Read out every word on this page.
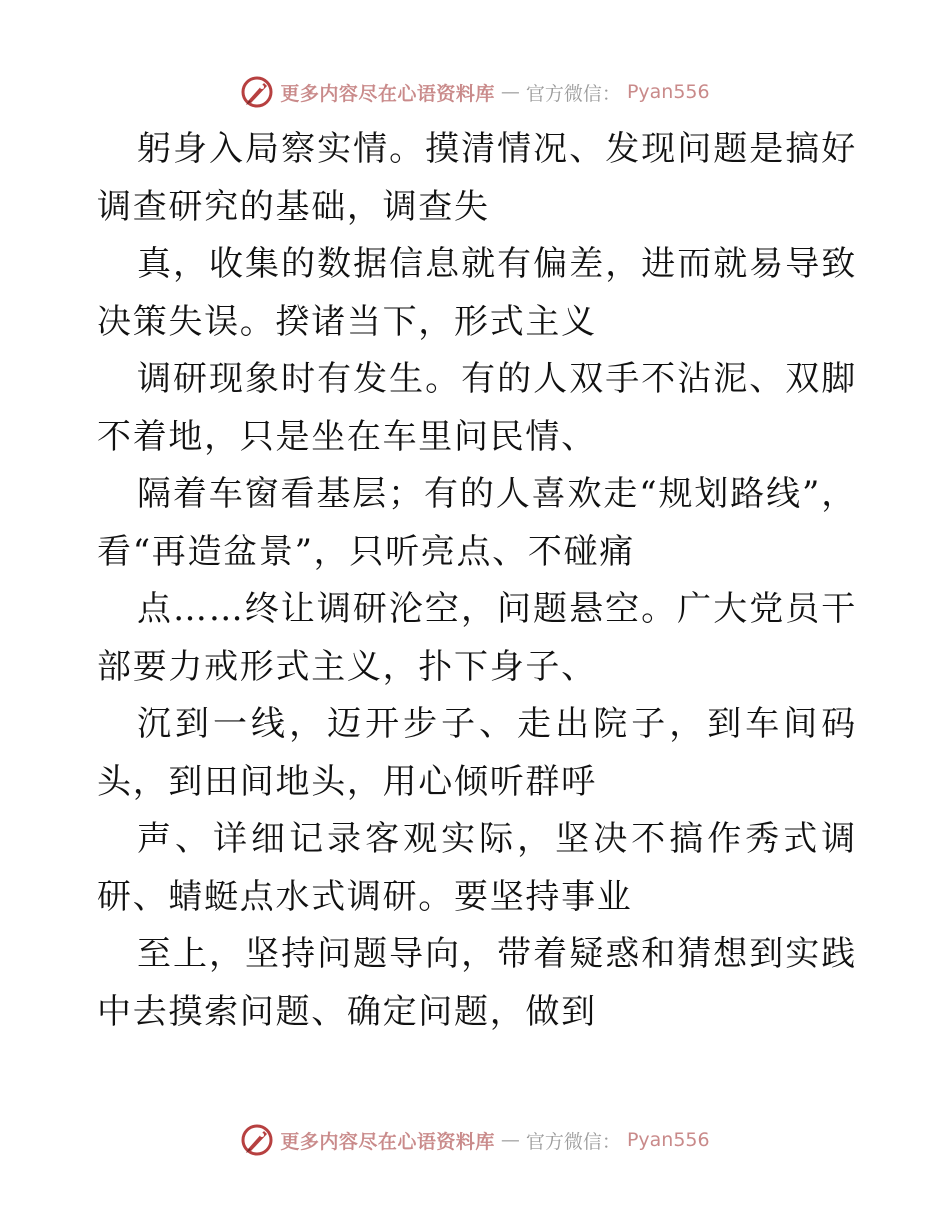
更多内容尽在心语资料库 — 官方微信： Pyan556

躬身入局察实情。摸清情况、发现问题是搞好调查研究的基础，调查失

真，收集的数据信息就有偏差，进而就易导致决策失误。揆诸当下，形式主义

调研现象时有发生。有的人双手不沾泥、双脚不着地，只是坐在车里问民情、

隔着车窗看基层；有的人喜欢走“规划路线”，看“再造盆景”，只听亮点、不碰痛

点……终让调研沦空，问题悬空。广大党员干部要力戒形式主义，扑下身子、

沉到一线，迈开步子、走出院子，到车间码头，到田间地头，用心倾听群呼

声、详细记录客观实际，坚决不搞作秀式调研、蜻蜓点水式调研。要坚持事业

至上，坚持问题导向，带着疑惑和猜想到实践中去摸索问题、确定问题，做到

更多内容尽在心语资料库 — 官方微信： Pyan556
